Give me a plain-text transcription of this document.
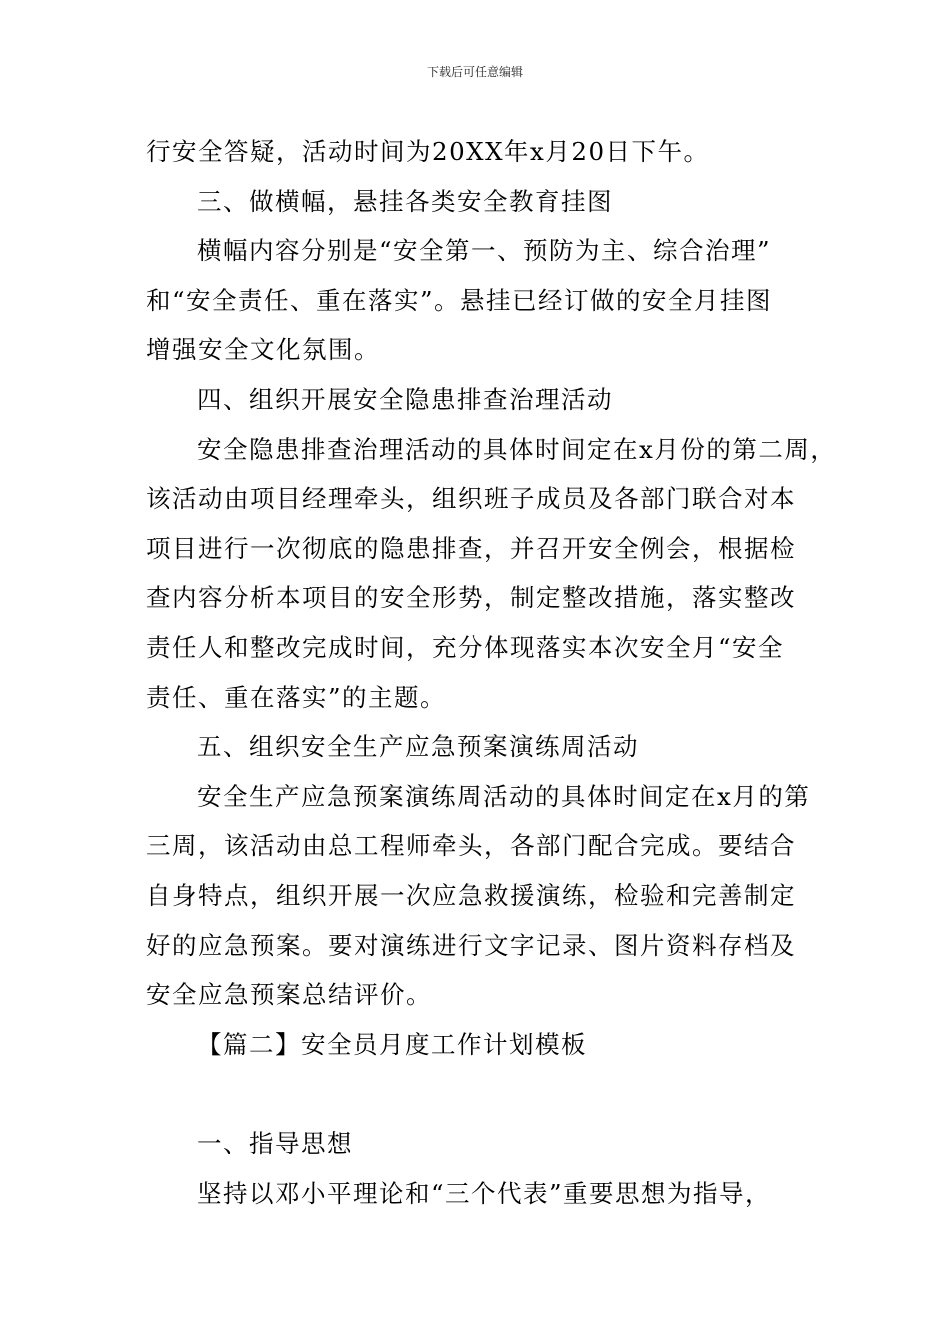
下载后可任意编辑
行安全答疑，活动时间为20XX年x月20日下午。
三、做横幅，悬挂各类安全教育挂图
横幅内容分别是“安全第一、预防为主、综合治理”
和“安全责任、重在落实”。悬挂已经订做的安全月挂图
增强安全文化氛围。
四、组织开展安全隐患排查治理活动
安全隐患排查治理活动的具体时间定在x月份的第二周，
该活动由项目经理牵头，组织班子成员及各部门联合对本
项目进行一次彻底的隐患排查，并召开安全例会，根据检
查内容分析本项目的安全形势，制定整改措施，落实整改
责任人和整改完成时间，充分体现落实本次安全月“安全
责任、重在落实”的主题。
五、组织安全生产应急预案演练周活动
安全生产应急预案演练周活动的具体时间定在x月的第
三周，该活动由总工程师牵头，各部门配合完成。要结合
自身特点，组织开展一次应急救援演练，检验和完善制定
好的应急预案。要对演练进行文字记录、图片资料存档及
安全应急预案总结评价。
【篇二】安全员月度工作计划模板
一、指导思想
坚持以邓小平理论和“三个代表”重要思想为指导，
